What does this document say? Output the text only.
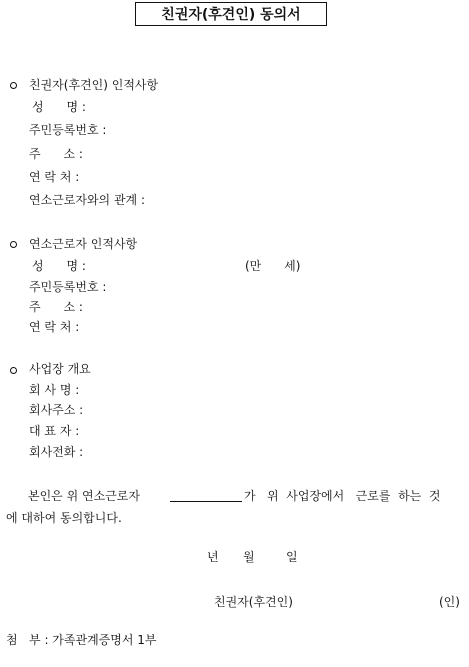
친권자(후견인) 동의서
친권자(후견인) 인적사항
성      명 :
주민등록번호 :
주      소 :
연 락 처 :
연소근로자와의 관계 :
연소근로자 인적사항
성      명 :	(만      세)
주민등록번호 :
주      소 :
연 락 처 :
사업장 개요
회 사 명 :
회사주소 :
대 표 자 :
회사전화 :
본인은 위 연소근로자	가   위  사업장에서   근로를  하는  것
에 대하여 동의합니다.
년 월	일
친권자(후견인)	(인)
첨   부 : 가족관계증명서 1부
